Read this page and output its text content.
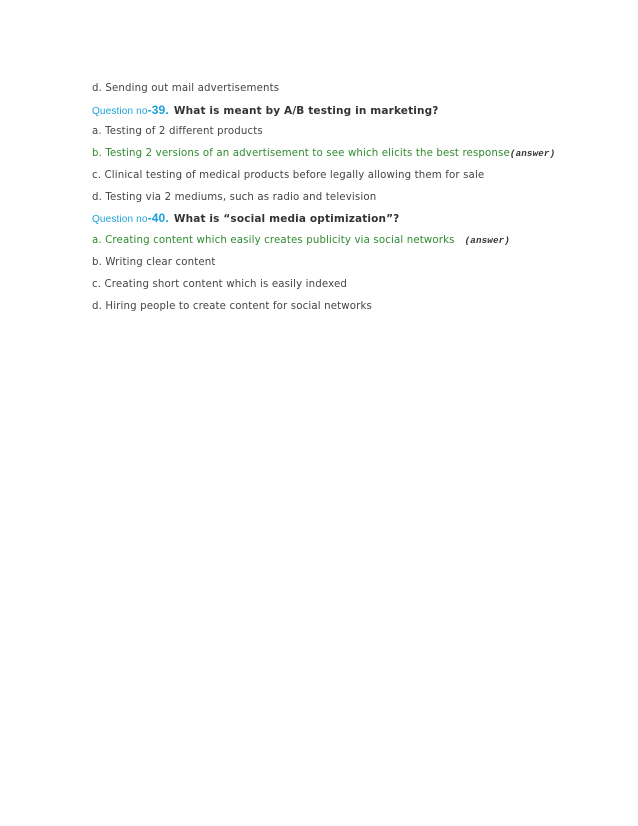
d. Sending out mail advertisements
Question no-39. What is meant by A/B testing in marketing?
a. Testing of 2 different products
b. Testing 2 versions of an advertisement to see which elicits the best response(answer)
c. Clinical testing of medical products before legally allowing them for sale
d. Testing via 2 mediums, such as radio and television
Question no-40. What is “social media optimization”?
a. Creating content which easily creates publicity via social networks (answer)
b. Writing clear content
c. Creating short content which is easily indexed
d. Hiring people to create content for social networks
